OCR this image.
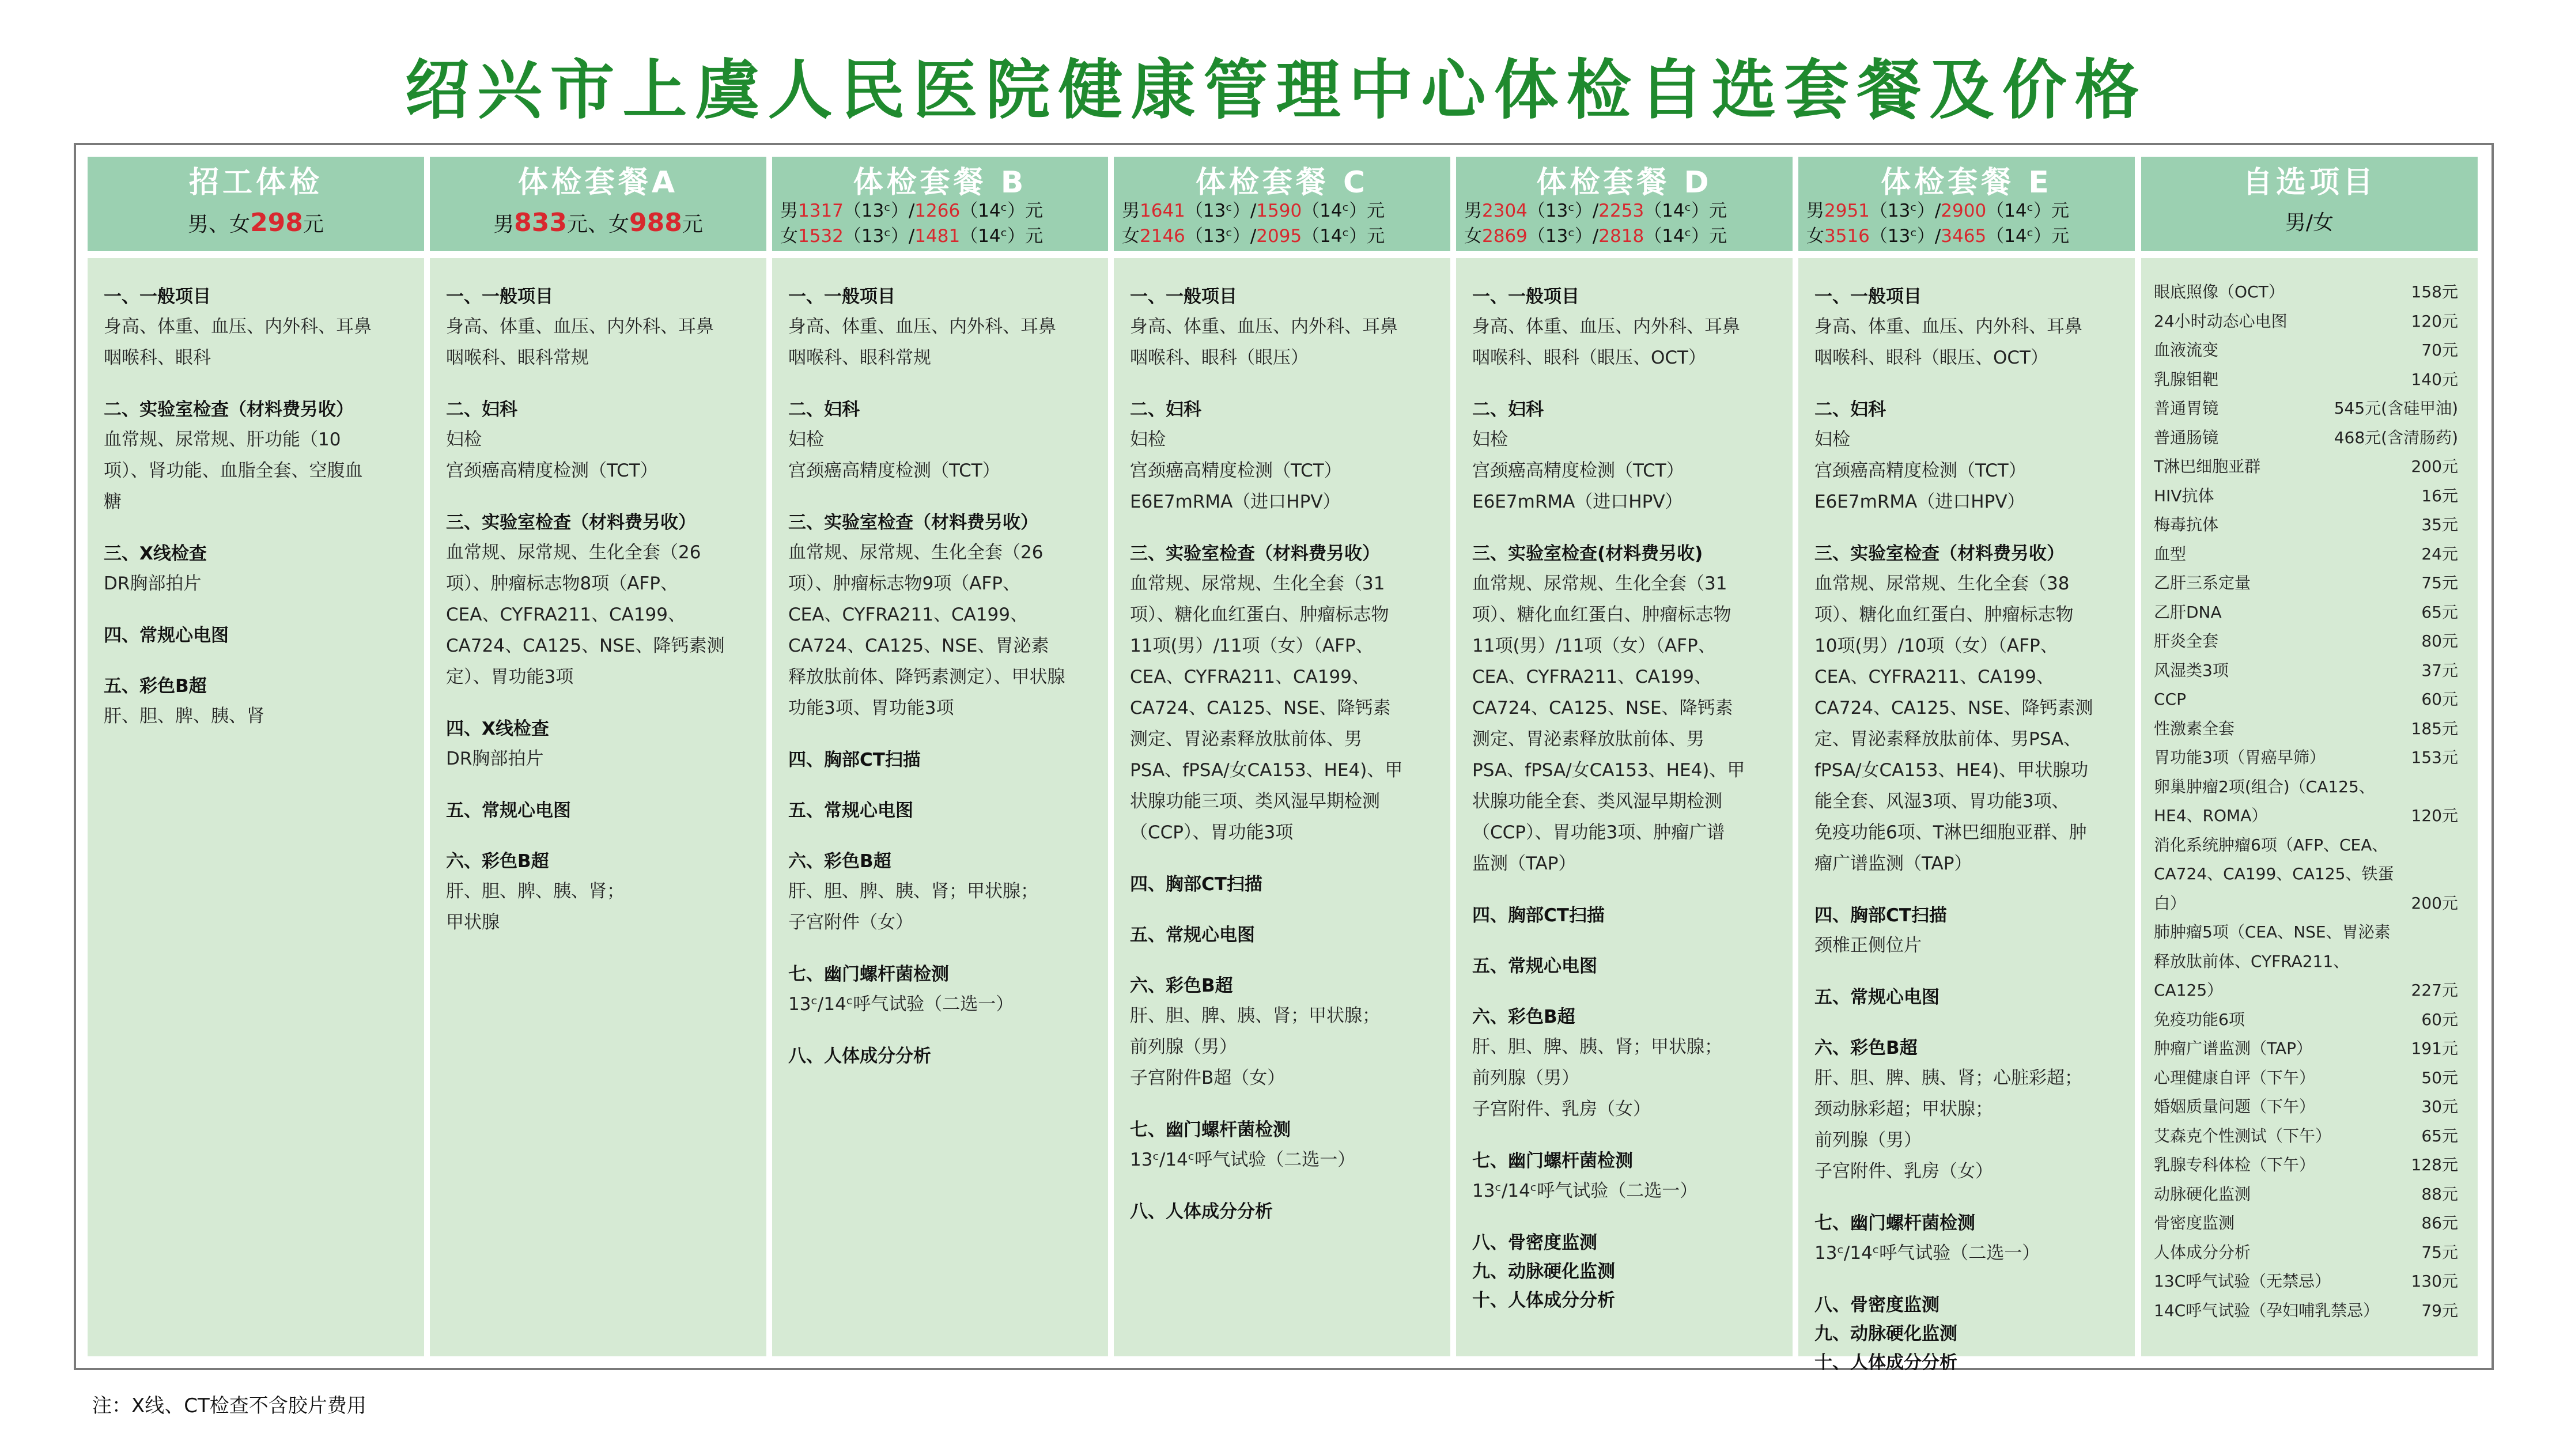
绍兴市上虞人民医院健康管理中心体检自选套餐及价格
招工体检
男、女298元
一、一般项目
身高、体重、血压、内外科、耳鼻
咽喉科、眼科
二、实验室检查（材料费另收）
血常规、尿常规、肝功能（10
项）、肾功能、血脂全套、空腹血
糖
三、X线检查
DR胸部拍片
四、常规心电图
五、彩色B超
肝、胆、脾、胰、肾
体检套餐A
男833元、女988元
一、一般项目
身高、体重、血压、内外科、耳鼻
咽喉科、眼科常规
二、妇科
妇检
宫颈癌高精度检测（TCT）
三、实验室检查（材料费另收）
血常规、尿常规、生化全套（26
项）、肿瘤标志物8项（AFP、
CEA、CYFRA211、CA199、
CA724、CA125、NSE、降钙素测
定）、胃功能3项
四、X线检查
DR胸部拍片
五、常规心电图
六、彩色B超
肝、胆、脾、胰、肾；
甲状腺
体检套餐 B
男1317（13ᶜ）/1266（14ᶜ）元
女1532（13ᶜ）/1481（14ᶜ）元
一、一般项目
身高、体重、血压、内外科、耳鼻
咽喉科、眼科常规
二、妇科
妇检
宫颈癌高精度检测（TCT）
三、实验室检查（材料费另收）
血常规、尿常规、生化全套（26
项）、肿瘤标志物9项（AFP、
CEA、CYFRA211、CA199、
CA724、CA125、NSE、胃泌素
释放肽前体、降钙素测定）、甲状腺
功能3项、胃功能3项
四、胸部CT扫描
五、常规心电图
六、彩色B超
肝、胆、脾、胰、肾；甲状腺；
子宫附件（女）
七、幽门螺杆菌检测
13ᶜ/14ᶜ呼气试验（二选一）
八、人体成分分析
体检套餐 C
男1641（13ᶜ）/1590（14ᶜ）元
女2146（13ᶜ）/2095（14ᶜ）元
一、一般项目
身高、体重、血压、内外科、耳鼻
咽喉科、眼科（眼压）
二、妇科
妇检
宫颈癌高精度检测（TCT）
E6E7mRMA（进口HPV）
三、实验室检查（材料费另收）
血常规、尿常规、生化全套（31
项）、糖化血红蛋白、肿瘤标志物
11项(男）/11项（女）（AFP、
CEA、CYFRA211、CA199、
CA724、CA125、NSE、降钙素
测定、胃泌素释放肽前体、男
PSA、fPSA/女CA153、HE4)、甲
状腺功能三项、类风湿早期检测
（CCP）、胃功能3项
四、胸部CT扫描
五、常规心电图
六、彩色B超
肝、胆、脾、胰、肾；甲状腺；
前列腺（男）
子宫附件B超（女）
七、幽门螺杆菌检测
13ᶜ/14ᶜ呼气试验（二选一）
八、人体成分分析
体检套餐 D
男2304（13ᶜ）/2253（14ᶜ）元
女2869（13ᶜ）/2818（14ᶜ）元
一、一般项目
身高、体重、血压、内外科、耳鼻
咽喉科、眼科（眼压、OCT）
二、妇科
妇检
宫颈癌高精度检测（TCT）
E6E7mRMA（进口HPV）
三、实验室检查(材料费另收)
血常规、尿常规、生化全套（31
项）、糖化血红蛋白、肿瘤标志物
11项(男）/11项（女）（AFP、
CEA、CYFRA211、CA199、
CA724、CA125、NSE、降钙素
测定、胃泌素释放肽前体、男
PSA、fPSA/女CA153、HE4)、甲
状腺功能全套、类风湿早期检测
（CCP）、胃功能3项、肿瘤广谱
监测（TAP）
四、胸部CT扫描
五、常规心电图
六、彩色B超
肝、胆、脾、胰、肾；甲状腺；
前列腺（男）
子宫附件、乳房（女）
七、幽门螺杆菌检测
13ᶜ/14ᶜ呼气试验（二选一）
八、骨密度监测
九、动脉硬化监测
十、人体成分分析
体检套餐 E
男2951（13ᶜ）/2900（14ᶜ）元
女3516（13ᶜ）/3465（14ᶜ）元
一、一般项目
身高、体重、血压、内外科、耳鼻
咽喉科、眼科（眼压、OCT）
二、妇科
妇检
宫颈癌高精度检测（TCT）
E6E7mRMA（进口HPV）
三、实验室检查（材料费另收）
血常规、尿常规、生化全套（38
项）、糖化血红蛋白、肿瘤标志物
10项(男）/10项（女）（AFP、
CEA、CYFRA211、CA199、
CA724、CA125、NSE、降钙素测
定、胃泌素释放肽前体、男PSA、
fPSA/女CA153、HE4)、甲状腺功
能全套、风湿3项、胃功能3项、
免疫功能6项、T淋巴细胞亚群、肿
瘤广谱监测（TAP）
四、胸部CT扫描
颈椎正侧位片
五、常规心电图
六、彩色B超
肝、胆、脾、胰、肾；心脏彩超；
颈动脉彩超；甲状腺；
前列腺（男）
子宫附件、乳房（女）
七、幽门螺杆菌检测
13ᶜ/14ᶜ呼气试验（二选一）
八、骨密度监测
九、动脉硬化监测
十、人体成分分析
自选项目
男/女
眼底照像（OCT）	158元
24小时动态心电图	120元
血液流变	70元
乳腺钼靶	140元
普通胃镜	545元(含硅甲油)
普通肠镜	468元(含清肠药)
T淋巴细胞亚群	200元
HIV抗体	16元
梅毒抗体	35元
血型	24元
乙肝三系定量	75元
乙肝DNA	65元
肝炎全套	80元
风湿类3项	37元
CCP	60元
性激素全套	185元
胃功能3项（胃癌早筛）	153元
卵巢肿瘤2项(组合)（CA125、
HE4、ROMA）	120元
消化系统肿瘤6项（AFP、CEA、
CA724、CA199、CA125、铁蛋
白）	200元
肺肿瘤5项（CEA、NSE、胃泌素
释放肽前体、CYFRA211、
CA125）	227元
免疫功能6项	60元
肿瘤广谱监测（TAP）	191元
心理健康自评（下午）	50元
婚姻质量问题（下午）	30元
艾森克个性测试（下午）	65元
乳腺专科体检（下午）	128元
动脉硬化监测	88元
骨密度监测	86元
人体成分分析	75元
13C呼气试验（无禁忌）	130元
14C呼气试验（孕妇哺乳禁忌）	79元
注：X线、CT检查不含胶片费用
